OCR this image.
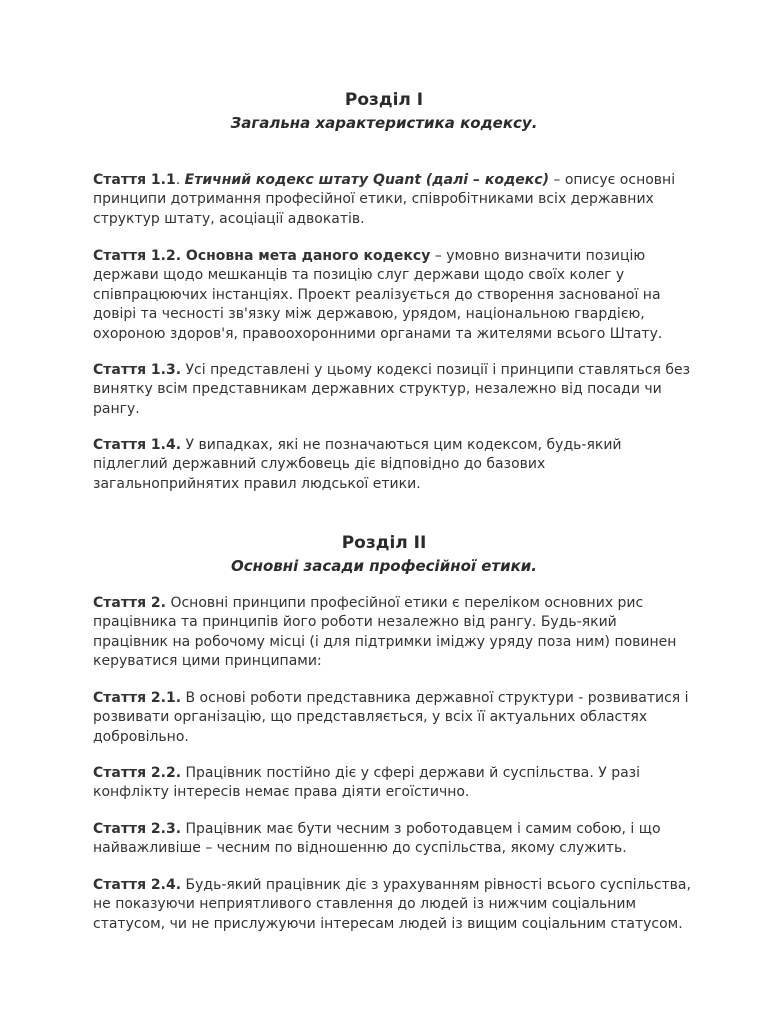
Розділ I

Загальна характеристика кодексу.

Стаття 1.1. Етичний кодекс штату Quant (далі – кодекс) – описує основні принципи дотримання професійної етики, співробітниками всіх державних структур штату, асоціації адвокатів.

Стаття 1.2. Основна мета даного кодексу – умовно визначити позицію держави щодо мешканців та позицію слуг держави щодо своїх колег у співпрацюючих інстанціях. Проект реалізується до створення заснованої на довірі та чесності зв'язку між державою, урядом, національною гвардією, охороною здоров'я, правоохоронними органами та жителями всього Штату.

Стаття 1.3. Усі представлені у цьому кодексі позиції і принципи ставляться без винятку всім представникам державних структур, незалежно від посади чи рангу.

Стаття 1.4. У випадках, які не позначаються цим кодексом, будь-який підлеглий державний службовець діє відповідно до базових загальноприйнятих правил людської етики.

Розділ II

Основні засади професійної етики.

Стаття 2. Основні принципи професійної етики є переліком основних рис працівника та принципів його роботи незалежно від рангу. Будь-який працівник на робочому місці (і для підтримки іміджу уряду поза ним) повинен керуватися цими принципами:

Стаття 2.1. В основі роботи представника державної структури - розвиватися і розвивати організацію, що представляється, у всіх її актуальних областях добровільно.

Стаття 2.2. Працівник постійно діє у сфері держави й суспільства. У разі конфлікту інтересів немає права діяти егоїстично.

Стаття 2.3. Працівник має бути чесним з роботодавцем і самим собою, і що найважливіше – чесним по відношенню до суспільства, якому служить.

Стаття 2.4. Будь-який працівник діє з урахуванням рівності всього суспільства, не показуючи неприятливого ставлення до людей із нижчим соціальним статусом, чи не прислужуючи інтересам людей із вищим соціальним статусом.
